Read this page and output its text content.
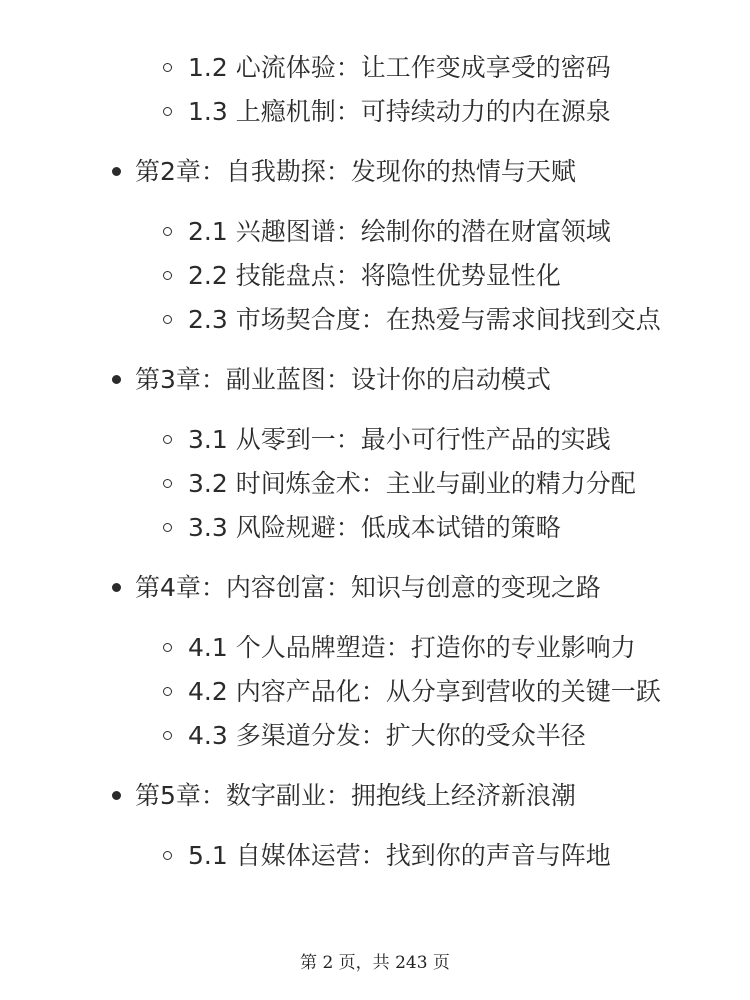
1.2 心流体验：让工作变成享受的密码
1.3 上瘾机制：可持续动力的内在源泉
第2章：自我勘探：发现你的热情与天赋
2.1 兴趣图谱：绘制你的潜在财富领域
2.2 技能盘点：将隐性优势显性化
2.3 市场契合度：在热爱与需求间找到交点
第3章：副业蓝图：设计你的启动模式
3.1 从零到一：最小可行性产品的实践
3.2 时间炼金术：主业与副业的精力分配
3.3 风险规避：低成本试错的策略
第4章：内容创富：知识与创意的变现之路
4.1 个人品牌塑造：打造你的专业影响力
4.2 内容产品化：从分享到营收的关键一跃
4.3 多渠道分发：扩大你的受众半径
第5章：数字副业：拥抱线上经济新浪潮
5.1 自媒体运营：找到你的声音与阵地
第 2 页，共 243 页
